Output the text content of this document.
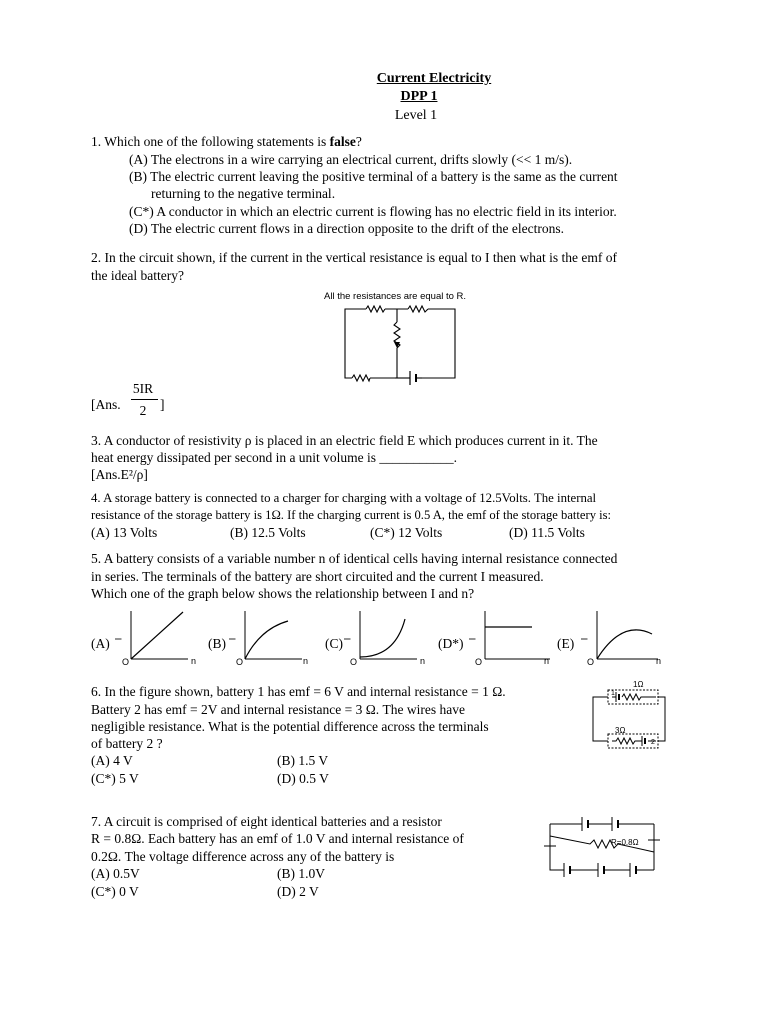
Current Electricity
DPP 1
Level 1
1. Which one of the following statements is false?
(A) The electrons in a wire carrying an electrical current, drifts slowly (<< 1 m/s).
(B) The electric current leaving the positive terminal of a battery is the same as the current
returning to the negative terminal.
(C*) A conductor in which an electric current is flowing has no electric field in its interior.
(D) The electric current flows in a direction opposite to the drift of the electrons.
2. In the circuit shown, if the current in the vertical resistance is equal to I then what is the emf of
the ideal battery?
All the resistances are equal to R.
[Ans.
5IR
2	]
3. A conductor of resistivity ρ is placed in an electric field E which produces current in it. The
heat energy dissipated per second in a unit volume is ___________.
[Ans.E²/ρ]
4. A storage battery is connected to a charger for charging with a voltage of 12.5Volts. The internal
resistance of the storage battery is 1Ω. If the charging current is 0.5 A, the emf of the storage battery is:
(A) 13 Volts	(B) 12.5 Volts	(C*) 12 Volts	(D) 11.5 Volts
5. A battery consists of a variable number n of identical cells having internal resistance connected
in series. The terminals of the battery are short circuited and the current I measured.
Which one of the graph below shows the relationship between I and n?
(A) I
O	n
(B) I
O	n
(C) I
O	n
(D*) I
O	n
(E) I
O	n
6. In the figure shown, battery 1 has emf = 6 V and internal resistance = 1 Ω.
Battery 2 has emf = 2V and internal resistance = 3 Ω. The wires have
negligible resistance. What is the potential difference across the terminals
of battery 2 ?
(A) 4 V	(B) 1.5 V
(C*) 5 V	(D) 0.5 V
1Ω
1
3Ω
2
7. A circuit is comprised of eight identical batteries and a resistor
R = 0.8Ω. Each battery has an emf of 1.0 V and internal resistance of
0.2Ω. The voltage difference across any of the battery is
(A) 0.5V	(B) 1.0V
(C*) 0 V	(D) 2 V
R=0.8Ω
